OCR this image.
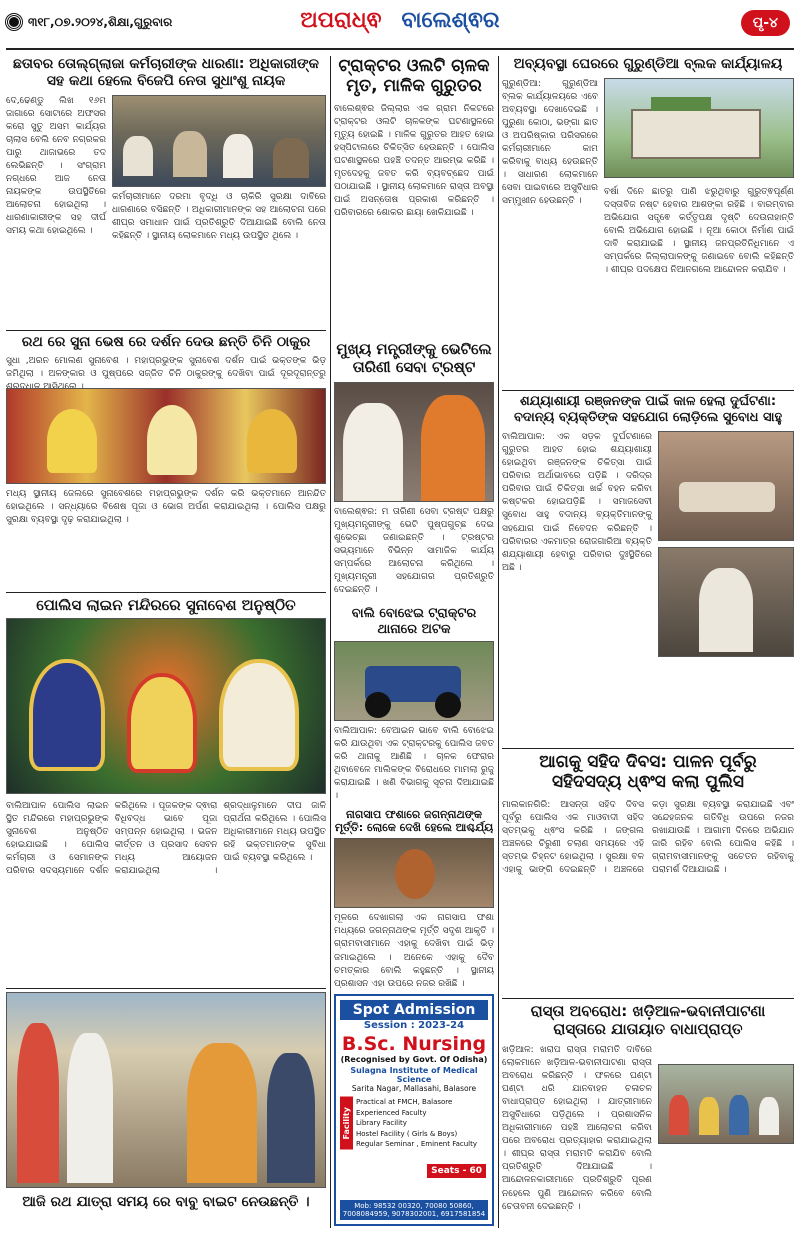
୩୧୮,୦୭.୨୦୨୪,ଶିକ୍ଷା,ଗୁରୁବାର	ଅପରାଧ୍ଵ ବାଲେଶ୍ଵର	ପୃ-୪
ଛତାବର ତୋଲ୍‌ଗ୍ଲାଜା କର୍ମଚାରୀଙ୍କ ଧାରଣା: ଅଧିକାରୀଙ୍କ ସହ କଥା ହେଲେ ବିଜେପି ନେତା ସୁଧାଂଶୁ ନାୟକ
ଦେ,ଢେଣ୍ଡୁ ଲିଖ ୧୬ମ ଜାଗାରେ ସୋଟାରେ ଅଫସର କରୋ ସୁତୁ ଅସମ କାର୍ଯ୍ୟର ଚାଲାସ ବେଲି ନେବ ନଗ୍ରକର ପାରୁ ଥାଜାଭରେ ତଦ ଲେଭିଛନ୍ତି । ସଂଗ୍ରାମ ନଗ୍ଧରେ ଆଜ ନେତା ନାୟକଙ୍କ ଉପସ୍ଥିତିରେ ଆଲୋଚନା ହୋଇଥିଲା । ଧାରଣାକାରୀଙ୍କ ସହ ଦୀର୍ଘ ସମୟ କଥା ହୋଇଥିଲେ ।
କର୍ମଚାରୀମାନେ ଦରମା ବୃଦ୍ଧି ଓ ଚାକିରି ସୁରକ୍ଷା ଦାବିରେ ଧାରଣାରେ ବସିଛନ୍ତି । ଅଧିକାରୀମାନଙ୍କ ସହ ଆଲୋଚନା ପରେ ଶୀଘ୍ର ସମାଧାନ ପାଇଁ ପ୍ରତିଶ୍ରୁତି ଦିଆଯାଇଛି ବୋଲି ନେତା କହିଛନ୍ତି । ସ୍ଥାନୀୟ ଲୋକମାନେ ମଧ୍ୟ ଉପସ୍ଥିତ ଥିଲେ ।
ରଥ ରେ ସୁନା ଭେଷ ରେ ଦର୍ଶନ ଦେଉ ଛନ୍ତି ଚିନି ଠାକୁର
ସୁଧା ,ଅରନ ମୋଲଣ ସୁନାବେଶ । ମହାପ୍ରଭୁଙ୍କ ସୁନାବେଶ ଦର୍ଶନ ପାଇଁ ଭକ୍ତଙ୍କ ଭିଡ଼ ଜମିଥିଲା । ଅଳଙ୍କାର ଓ ପୁଷ୍ପରେ ସଜ୍ଜିତ ଚିନି ଠାକୁରଙ୍କୁ ଦେଖିବା ପାଇଁ ଦୂରଦୂରାନ୍ତରୁ
ମଧ୍ୟ ସ୍ଥାନୀୟ ଜେଲରେ ସୁନାବେଶରେ ମହାପ୍ରଭୁଙ୍କ ଦର୍ଶନ କରି ଭକ୍ତମାନେ ଆନନ୍ଦିତ ହୋଇଥିଲେ । ସନ୍ଧ୍ୟାରେ ବିଶେଷ ପୂଜା ଓ ଭୋଗ ଅର୍ପଣ କରାଯାଇଥିଲା । ପୋଲିସ ପକ୍ଷରୁ ସୁରକ୍ଷା ବ୍ୟବସ୍ଥା ଦୃଢ଼ କରାଯାଇଥିଲା ।
ପୋଲିସ ଲାଇନ ମନ୍ଦିରରେ ସୁନାବେଶ ଅନୁଷ୍ଠିତ
ବାଲିଆପାଳ ପୋଲିସ ଲାଇନ ସ୍ଥିତ ମନ୍ଦିରରେ ମହାପ୍ରଭୁଙ୍କ ସୁନାବେଶ ଅନୁଷ୍ଠିତ ହୋଇଯାଇଛି । ପୋଲିସ କର୍ମଚାରୀ ଓ ସେମାନଙ୍କ ପରିବାର ସଦସ୍ୟମାନେ ଦର୍ଶନ କରିଥିଲେ । ପୂଜକଙ୍କ ଦ୍ଵାରା ବିଧିବଦ୍ଧ ଭାବେ ପୂଜା ସମ୍ପନ୍ନ ହୋଇଥିଲା । ଭଜନ କୀର୍ତ୍ତନ ଓ ପ୍ରସାଦ ସେବନ ମଧ୍ୟ ଆୟୋଜନ କରାଯାଇଥିଲା । ଶ୍ରଦ୍ଧାଳୁମାନେ ଦୀପ ଜାଳି ପ୍ରାର୍ଥନା କରିଥିଲେ । ପୋଲିସ ଅଧିକାରୀମାନେ ମଧ୍ୟ ଉପସ୍ଥିତ ରହି ଭକ୍ତମାନଙ୍କ ସୁବିଧା ପାଇଁ ବ୍ୟବସ୍ଥା କରିଥିଲେ ।
ଆଜି ରଥ ଯାତ୍ରା ସମୟ ରେ ବାବୁ ବାଇଟ ନେଉଛନ୍ତି ।
ଟ୍ରାକ୍ଟର ଓଲଟି ଚାଳକ ମୃତ, ମାଳିକ ଗୁରୁତର
ବାଲେଶ୍ଵର ଜିଲ୍ଲାର ଏକ ଗ୍ରାମ ନିକଟରେ ଟ୍ରାକ୍ଟର ଓଲଟି ଚାଳକଙ୍କ ଘଟଣାସ୍ଥଳରେ ମୃତ୍ୟୁ ହୋଇଛି । ମାଳିକ ଗୁରୁତର ଆହତ ହୋଇ ହସ୍ପିଟାଲରେ ଚିକିତ୍ସିତ ହେଉଛନ୍ତି । ପୋଲିସ ଘଟଣାସ୍ଥଳରେ ପହଞ୍ଚି ତଦନ୍ତ ଆରମ୍ଭ କରିଛି । ମୃତଦେହକୁ ଜବତ କରି ବ୍ୟବଚ୍ଛେଦ ପାଇଁ ପଠାଯାଇଛି । ସ୍ଥାନୀୟ ଲୋକମାନେ ରାସ୍ତା ଅବସ୍ଥା ପାଇଁ ଅସନ୍ତୋଷ ପ୍ରକାଶ କରିଛନ୍ତି । ପରିବାରରେ ଶୋକର ଛାୟା ଖେଳିଯାଇଛି ।
ମୁଖ୍ୟ ମନ୍ତ୍ରୀଙ୍କୁ ଭେଟିଲେ ତାରିଣୀ ସେବା ଟ୍ରଷ୍ଟ
ବାଲେଶ୍ଵର: ମ ତାରିଣୀ ସେବା ଟ୍ରଷ୍ଟ ପକ୍ଷରୁ ମୁଖ୍ୟମନ୍ତ୍ରୀଙ୍କୁ ଭେଟି ପୁଷ୍ପଗୁଚ୍ଛ ଦେଇ ଶୁଭେଚ୍ଛା ଜଣାଇଛନ୍ତି । ଟ୍ରଷ୍ଟର ସଭ୍ୟମାନେ ବିଭିନ୍ନ ସାମାଜିକ କାର୍ଯ୍ୟ ସମ୍ପର୍କରେ ଆଲୋଚନା କରିଥିଲେ । ମୁଖ୍ୟମନ୍ତ୍ରୀ ସହଯୋଗର ପ୍ରତିଶ୍ରୁତି ଦେଇଛନ୍ତି ।
ବାଲି ବୋଝେଇ ଟ୍ରାକ୍ଟର ଥାନାରେ ଅଟକ
ବାଲିଆପାଳ: ବେଆଇନ ଭାବେ ବାଲି ବୋଝେଇ କରି ଯାଉଥିବା ଏକ ଟ୍ରାକ୍ଟରକୁ ପୋଲିସ ଜବତ କରି ଥାନାକୁ ଆଣିଛି । ଚାଳକ ଫେରାର ଥିବାବେଳେ ମାଲିକଙ୍କ ବିରୋଧରେ ମାମଲା ରୁଜୁ କରାଯାଇଛି । ଖଣି ବିଭାଗକୁ ସୂଚନା ଦିଆଯାଇଛି ।
ନାଗସାପ ଫଶାରେ ଜଗନ୍ନାଥଙ୍କ ମୂର୍ତ୍ତି: ଲୋକେ ଦେଖି ହେଲେ ଆଶ୍ଚର୍ଯ୍ୟ
ମୂଳରେ ଦେଖାଗଲା ଏକ ନାଗସାପ ଫଶା ମଧ୍ୟରେ ଜଗନ୍ନାଥଙ୍କ ମୂର୍ତ୍ତି ସଦୃଶ ଆକୃତି । ଗ୍ରାମବାସୀମାନେ ଏହାକୁ ଦେଖିବା ପାଇଁ ଭିଡ଼ ଜମାଇଥିଲେ । ଅନେକେ ଏହାକୁ ଦୈବ ଚମତ୍କାର ବୋଲି କହୁଛନ୍ତି । ସ୍ଥାନୀୟ ପ୍ରଶାସନ ଏହା ଉପରେ ନଜର ରଖିଛି ।
Spot Admission
Session : 2023-24
B.Sc. Nursing
(Recognised by Govt. Of Odisha)
Sulagna Institute of Medical Science
Sarita Nagar, Mallasahi, Balasore
Facility
Practical at FMCH, Balasore
Experienced Faculty
Library Facility
Hostel Facility ( Girls & Boys)
Regular Seminar , Eminent Faculty
Seats - 60
Mob: 98532 00320, 70080 50860,
7008084959, 9078302001, 6917581854
ଅବ୍ୟବସ୍ଥା ଘେରରେ ଗୁରୁଣ୍ଡିଆ ବ୍ଲକ କାର୍ଯ୍ୟାଳୟ
ଗୁରୁଣ୍ଡିଆ: ଗୁରୁଣ୍ଡିଆ ବ୍ଲକ କାର୍ଯ୍ୟାଳୟରେ ଏବେ ଅବ୍ୟବସ୍ଥା ଦେଖାଦେଇଛି । ପୁରୁଣା କୋଠା, ଭଙ୍ଗା ଛାତ ଓ ଅପରିଷ୍କାର ପରିସରରେ କର୍ମଚାରୀମାନେ କାମ କରିବାକୁ ବାଧ୍ୟ ହେଉଛନ୍ତି । ସାଧାରଣ ଲୋକମାନେ ସେବା ପାଇବାରେ ଅସୁବିଧାର ସମ୍ମୁଖୀନ ହେଉଛନ୍ତି ।
ବର୍ଷା ଦିନେ ଛାତରୁ ପାଣି ଝରୁଥିବାରୁ ଗୁରୁତ୍ଵପୂର୍ଣ୍ଣ ଦସ୍ତାବିଜ ନଷ୍ଟ ହେବାର ଆଶଙ୍କା ରହିଛି । ବାରମ୍ବାର ଅଭିଯୋଗ ସତ୍ତ୍ଵେ କର୍ତ୍ତୃପକ୍ଷ ଦୃଷ୍ଟି ଦେଉନାହାନ୍ତି ବୋଲି ଅଭିଯୋଗ ହୋଇଛି । ନୂଆ କୋଠା ନିର୍ମାଣ ପାଇଁ ଦାବି କରାଯାଇଛି । ସ୍ଥାନୀୟ ଜନପ୍ରତିନିଧିମାନେ ଏ ସମ୍ପର୍କରେ ଜିଲ୍ଲାପାଳଙ୍କୁ ଜଣାଇବେ ବୋଲି କହିଛନ୍ତି । ଶୀଘ୍ର ପଦକ୍ଷେପ ନିଆନଗଲେ ଆନ୍ଦୋଳନ କରାଯିବ ।
ଶଯ୍ୟାଶାୟୀ ରଞ୍ଜନଙ୍କ ପାଇଁ କାଳ ହେଲା ଦୁର୍ଘଟଣା: ବଦାନ୍ୟ ବ୍ୟକ୍ତିଙ୍କ ସହଯୋଗ ଲୋଡ଼ିଲେ ସୁବୋଧ ସାହୁ
ବାଲିଆପାଳ: ଏକ ସଡ଼କ ଦୁର୍ଘଟଣାରେ ଗୁରୁତର ଆହତ ହୋଇ ଶଯ୍ୟାଶାୟୀ ହୋଇଥିବା ରଞ୍ଜନଙ୍କ ଚିକିତ୍ସା ପାଇଁ ପରିବାର ଅର୍ଥାଭାବରେ ପଡ଼ିଛି । ଦରିଦ୍ର ପରିବାର ପାଇଁ ଚିକିତ୍ସା ଖର୍ଚ୍ଚ ବହନ କରିବା କଷ୍ଟକର ହୋଇପଡ଼ିଛି । ସମାଜସେବୀ ସୁବୋଧ ସାହୁ ବଦାନ୍ୟ ବ୍ୟକ୍ତିମାନଙ୍କୁ ସହଯୋଗ ପାଇଁ ନିବେଦନ କରିଛନ୍ତି । ପରିବାରର ଏକମାତ୍ର ରୋଜଗାରିଆ ବ୍ୟକ୍ତି ଶଯ୍ୟାଶାୟୀ ହେବାରୁ ପରିବାର ଦୁଃସ୍ଥିତିରେ ଅଛି ।
ଆଗକୁ ସହିଦ ଦିବସ: ପାଳନ ପୂର୍ବରୁ ସହିଦସଦ୍ୟ ଧ୍ଵଂସ କଲା ପୁଲିସ
ମାଲକାନଗିରି: ଆସନ୍ତା ସହିଦ ଦିବସ ପୂର୍ବରୁ ପୋଲିସ ଏକ ମାଓବାଦୀ ସହିଦ ସ୍ତମ୍ଭକୁ ଧ୍ଵଂସ କରିଛି । ଜଙ୍ଗଲ ଅଞ୍ଚଳରେ ଚିରୁଣୀ ଚଲାଣ ସମୟରେ ଏହି ସ୍ତମ୍ଭ ଚିହ୍ନଟ ହୋଇଥିଲା । ସୁରକ୍ଷା ବଳ ଏହାକୁ ଭାଙ୍ଗି ଦେଇଛନ୍ତି । ଅଞ୍ଚଳରେ କଡ଼ା ସୁରକ୍ଷା ବ୍ୟବସ୍ଥା କରାଯାଇଛି ଏବଂ ସନ୍ଦେହଜନକ ଗତିବିଧି ଉପରେ ନଜର ରଖାଯାଉଛି । ଆଗାମୀ ଦିନରେ ଅଭିଯାନ ଜାରି ରହିବ ବୋଲି ପୋଲିସ କହିଛି । ଗ୍ରାମବାସୀମାନଙ୍କୁ ସଚେତନ ରହିବାକୁ ପରାମର୍ଶ ଦିଆଯାଇଛି ।
ରାସ୍ତା ଅବରୋଧ: ଖଡ଼ିଆଳ-ଭବାନୀପାଟଣା ରାସ୍ତାରେ ଯାତାୟାତ ବାଧାପ୍ରାପ୍ତ
ଖଡ଼ିଆଳ: ଖରାପ ରାସ୍ତା ମରାମତି ଦାବିରେ ଲୋକମାନେ ଖଡ଼ିଆଳ-ଭବାନୀପାଟଣା ରାସ୍ତା ଅବରୋଧ କରିଛନ୍ତି । ଫଳରେ ଘଣ୍ଟା ଘଣ୍ଟା ଧରି ଯାନବାହନ ଚଳାଚଳ ବାଧାପ୍ରାପ୍ତ ହୋଇଥିଲା । ଯାତ୍ରୀମାନେ ଅସୁବିଧାରେ ପଡ଼ିଥିଲେ । ପ୍ରଶାସନିକ ଅଧିକାରୀମାନେ ପହଞ୍ଚି ଆଲୋଚନା କରିବା ପରେ ଅବରୋଧ ପ୍ରତ୍ୟାହାର କରାଯାଇଥିଲା । ଶୀଘ୍ର ରାସ୍ତା ମରାମତି କରାଯିବ ବୋଲି ପ୍ରତିଶ୍ରୁତି ଦିଆଯାଇଛି । ଆନ୍ଦୋଳନକାରୀମାନେ ପ୍ରତିଶ୍ରୁତି ପୂରଣ ନହେଲେ ପୁଣି ଆନ୍ଦୋଳନ କରିବେ ବୋଲି ଚେତାବନୀ ଦେଇଛନ୍ତି ।
